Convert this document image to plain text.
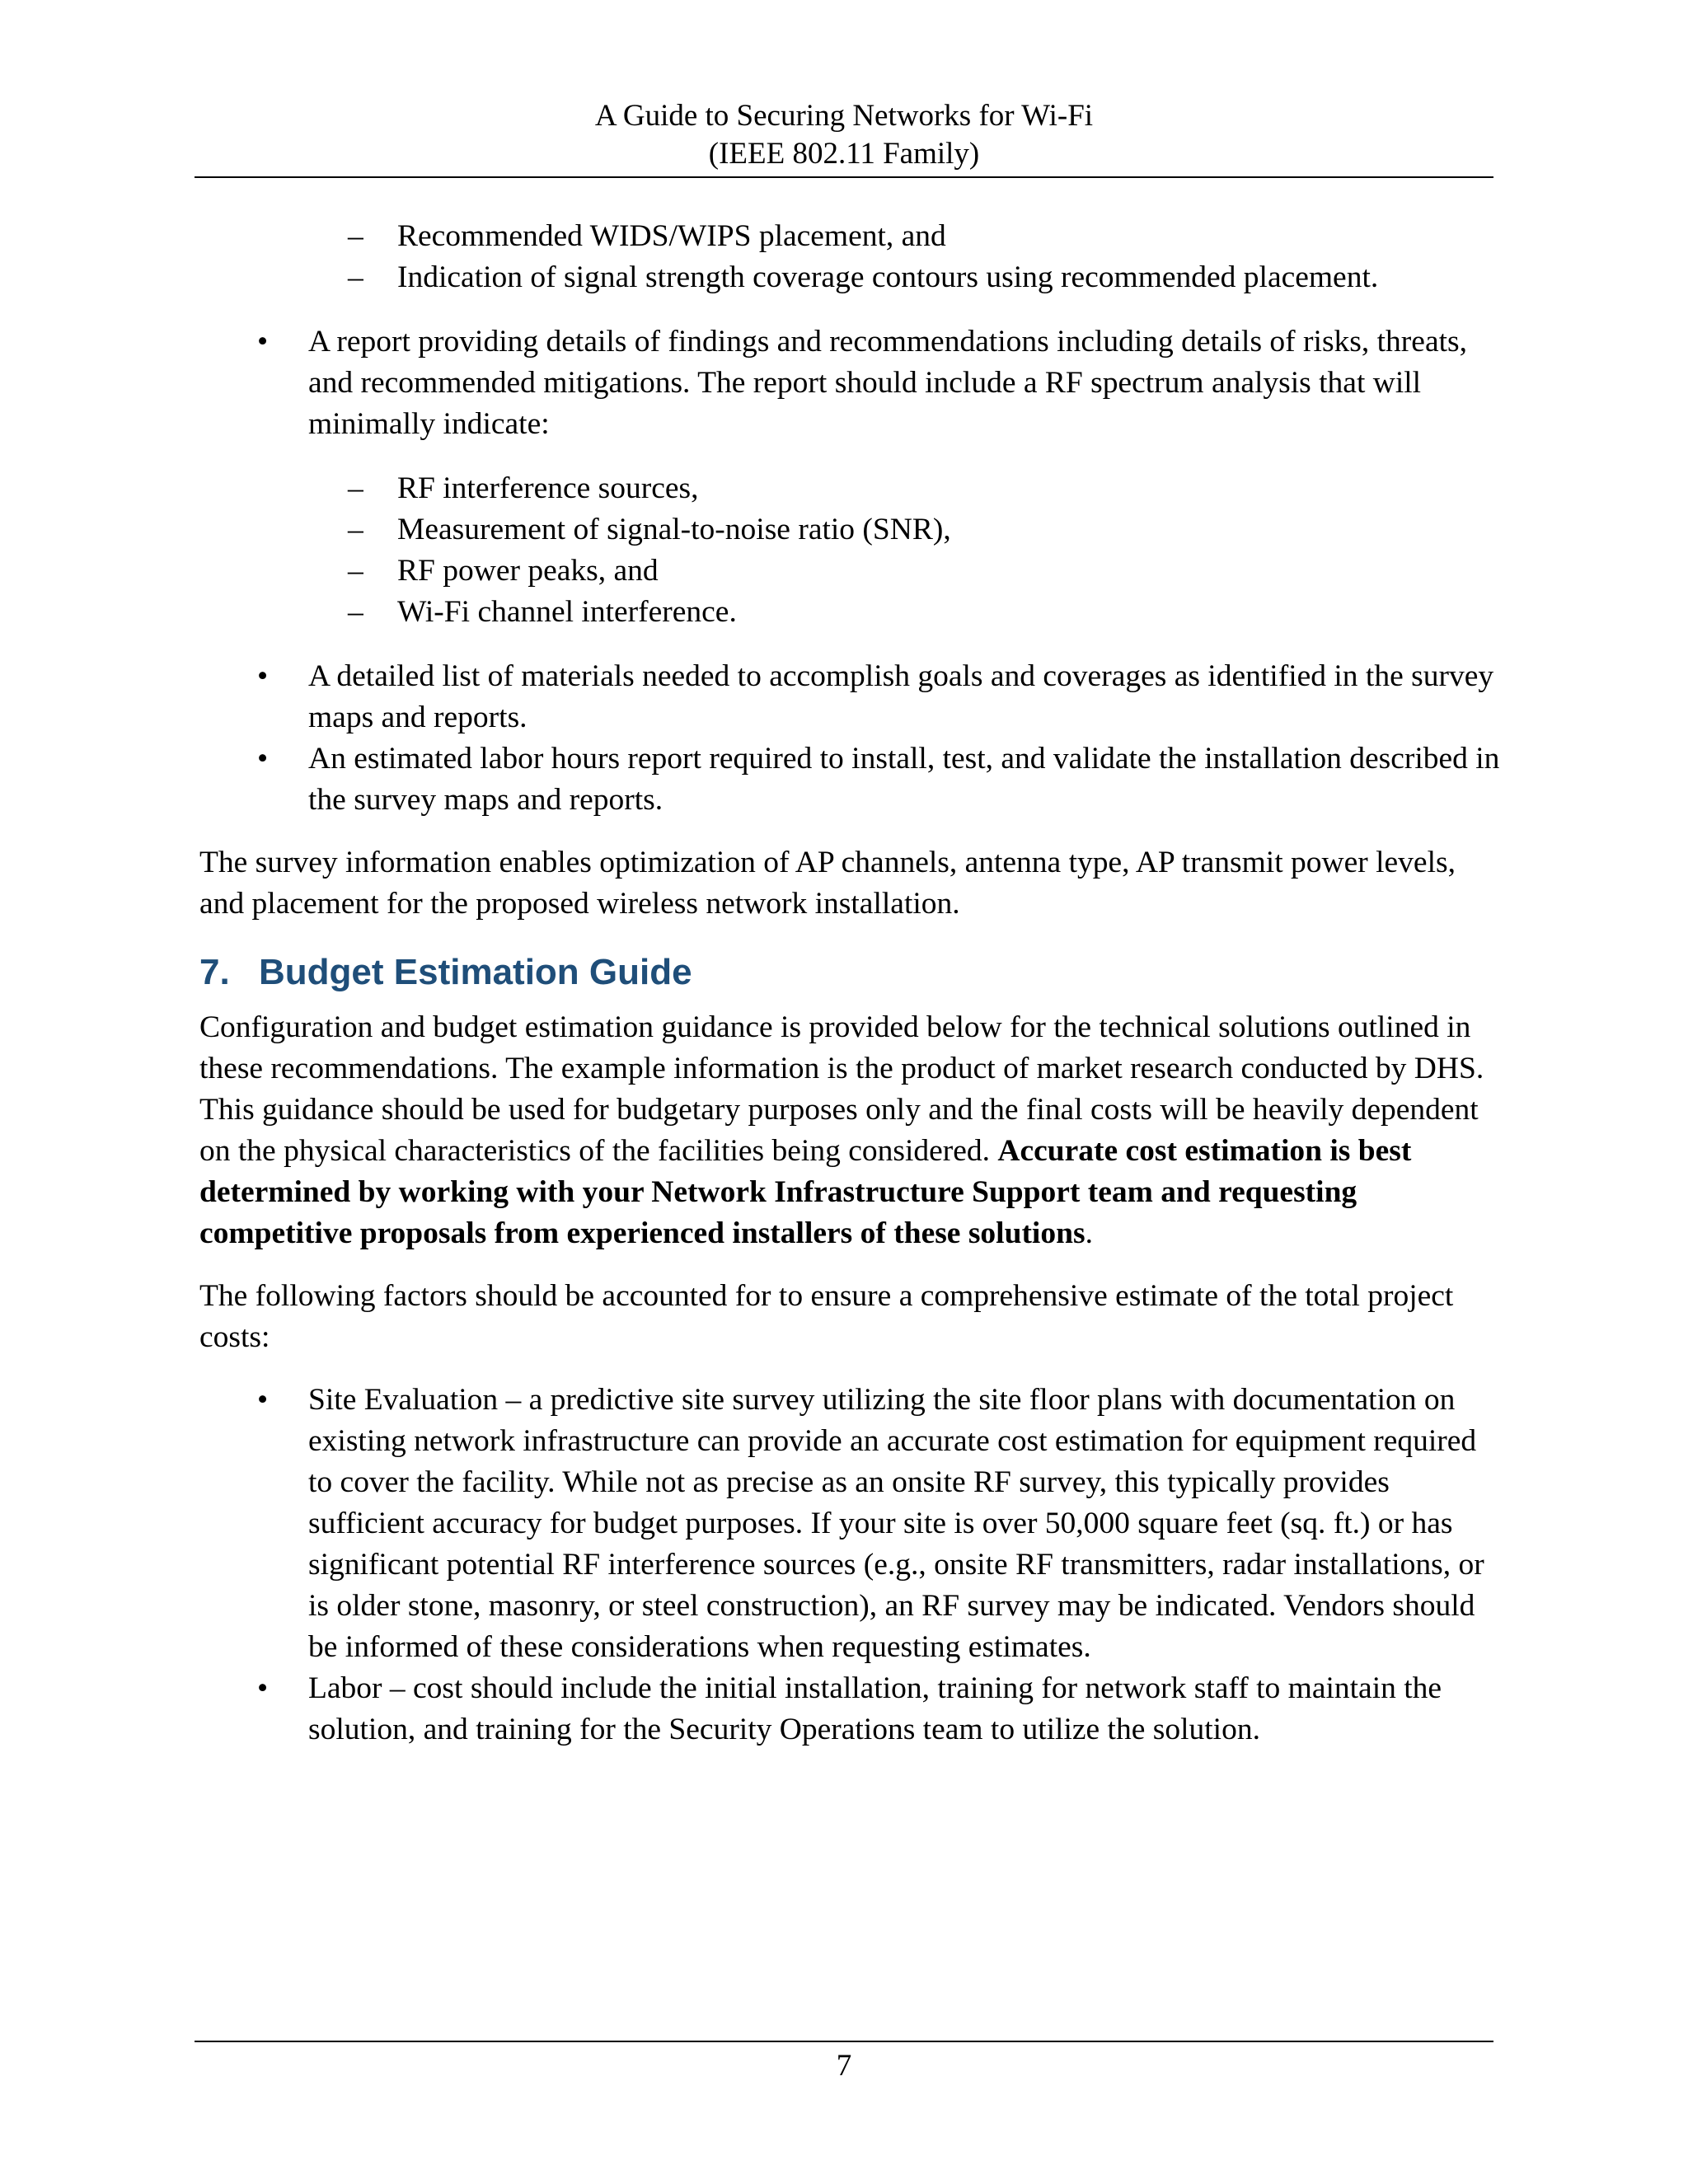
A Guide to Securing Networks for Wi-Fi
(IEEE 802.11 Family)
– Recommended WIDS/WIPS placement, and
– Indication of signal strength coverage contours using recommended placement.
• A report providing details of findings and recommendations including details of risks, threats, and recommended mitigations. The report should include a RF spectrum analysis that will minimally indicate:
– RF interference sources,
– Measurement of signal-to-noise ratio (SNR),
– RF power peaks, and
– Wi-Fi channel interference.
• A detailed list of materials needed to accomplish goals and coverages as identified in the survey maps and reports.
• An estimated labor hours report required to install, test, and validate the installation described in the survey maps and reports.

The survey information enables optimization of AP channels, antenna type, AP transmit power levels, and placement for the proposed wireless network installation.

7. Budget Estimation Guide

Configuration and budget estimation guidance is provided below for the technical solutions outlined in these recommendations. The example information is the product of market research conducted by DHS. This guidance should be used for budgetary purposes only and the final costs will be heavily dependent on the physical characteristics of the facilities being considered. Accurate cost estimation is best determined by working with your Network Infrastructure Support team and requesting competitive proposals from experienced installers of these solutions.

The following factors should be accounted for to ensure a comprehensive estimate of the total project costs:

• Site Evaluation – a predictive site survey utilizing the site floor plans with documentation on existing network infrastructure can provide an accurate cost estimation for equipment required to cover the facility. While not as precise as an onsite RF survey, this typically provides sufficient accuracy for budget purposes. If your site is over 50,000 square feet (sq. ft.) or has significant potential RF interference sources (e.g., onsite RF transmitters, radar installations, or is older stone, masonry, or steel construction), an RF survey may be indicated. Vendors should be informed of these considerations when requesting estimates.
• Labor – cost should include the initial installation, training for network staff to maintain the solution, and training for the Security Operations team to utilize the solution.
7
